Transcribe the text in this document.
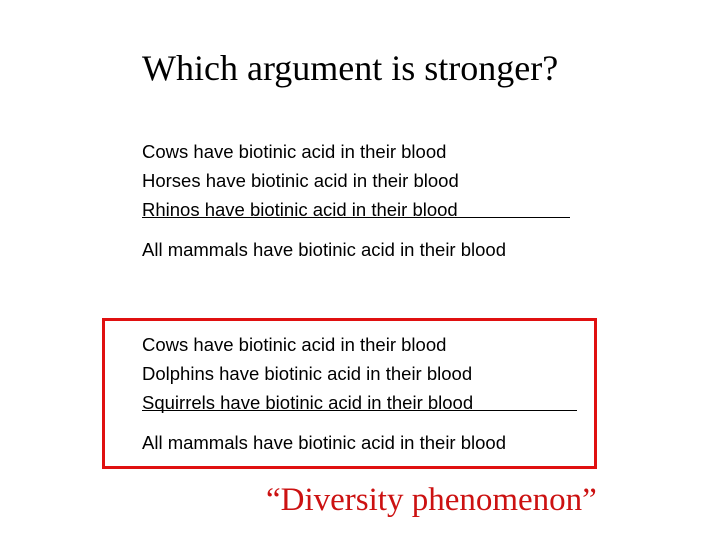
Which argument is stronger?
Cows have biotinic acid in their blood
Horses have biotinic acid in their blood
Rhinos have biotinic acid in their blood
All mammals have biotinic acid in their blood
Cows have biotinic acid in their blood
Dolphins have biotinic acid in their blood
Squirrels have biotinic acid in their blood
All mammals have biotinic acid in their blood
“Diversity phenomenon”
